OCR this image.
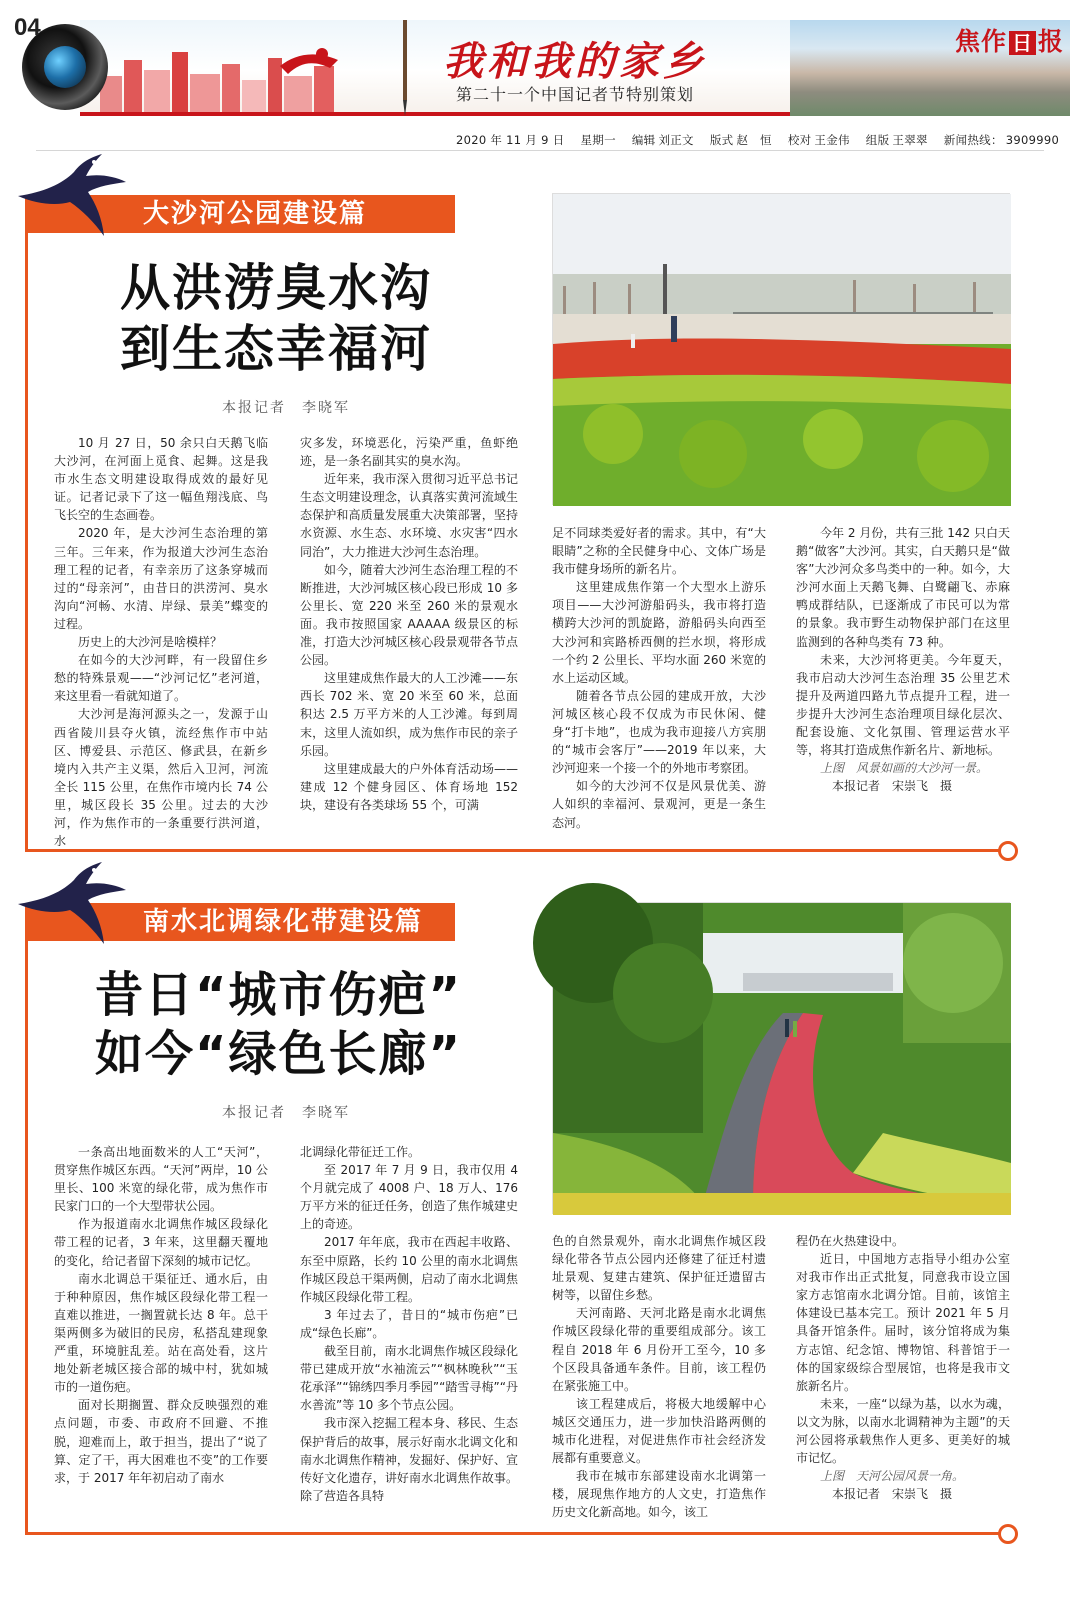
04
我和我的家乡
第二十一个中国记者节特别策划
焦作 日 报
2020 年 11 月 9 日 星期一 编辑 刘正文 版式 赵　恒 校对 王金伟 组版 王翠翠 新闻热线： 3909990
大沙河公园建设篇
从洪涝臭水沟
到生态幸福河
本报记者　李晓军

10 月 27 日，50 余只白天鹅飞临大沙河，在河面上觅食、起舞。这是我市水生态文明建设取得成效的最好见证。记者记录下了这一幅鱼翔浅底、鸟飞长空的生态画卷。

2020 年，是大沙河生态治理的第三年。三年来，作为报道大沙河生态治理工程的记者，有幸亲历了这条穿城而过的“母亲河”，由昔日的洪涝河、臭水沟向“河畅、水清、岸绿、景美”蝶变的过程。

历史上的大沙河是啥模样？

在如今的大沙河畔，有一段留住乡愁的特殊景观——“沙河记忆”老河道，来这里看一看就知道了。

大沙河是海河源头之一，发源于山西省陵川县夺火镇，流经焦作市中站区、博爱县、示范区、修武县，在新乡境内入共产主义渠，然后入卫河，河流全长 115 公里，在焦作市境内长 74 公里，城区段长 35 公里。过去的大沙河，作为焦作市的一条重要行洪河道，水

灾多发，环境恶化，污染严重，鱼虾绝迹，是一条名副其实的臭水沟。

近年来，我市深入贯彻习近平总书记生态文明建设理念，认真落实黄河流域生态保护和高质量发展重大决策部署，坚持水资源、水生态、水环境、水灾害“四水同治”，大力推进大沙河生态治理。

如今，随着大沙河生态治理工程的不断推进，大沙河城区核心段已形成 10 多公里长、宽 220 米至 260 米的景观水面。我市按照国家 AAAAA 级景区的标准，打造大沙河城区核心段景观带各节点公园。

这里建成焦作最大的人工沙滩——东西长 702 米、宽 20 米至 60 米，总面积达 2.5 万平方米的人工沙滩。每到周末，这里人流如织，成为焦作市民的亲子乐园。

这里建成最大的户外体育活动场——建成 12 个健身园区、体育场地 152 块，建设有各类球场 55 个，可满

足不同球类爱好者的需求。其中，有“大眼睛”之称的全民健身中心、文体广场是我市健身场所的新名片。

这里建成焦作第一个大型水上游乐项目——大沙河游船码头，我市将打造横跨大沙河的凯旋路，游船码头向西至大沙河和宾路桥西侧的拦水坝，将形成一个约 2 公里长、平均水面 260 米宽的水上运动区域。

随着各节点公园的建成开放，大沙河城区核心段不仅成为市民休闲、健身“打卡地”，也成为我市迎接八方宾朋的“城市会客厅”——2019 年以来，大沙河迎来一个接一个的外地市考察团。

如今的大沙河不仅是风景优美、游人如织的幸福河、景观河，更是一条生态河。

今年 2 月份，共有三批 142 只白天鹅“做客”大沙河。其实，白天鹅只是“做客”大沙河众多鸟类中的一种。如今，大沙河水面上天鹅飞舞、白鹭翩飞、赤麻鸭成群结队，已逐渐成了市民可以为常的景象。我市野生动物保护部门在这里监测到的各种鸟类有 73 种。

未来，大沙河将更美。今年夏天，我市启动大沙河生态治理 35 公里艺术提升及两道四路九节点提升工程，进一步提升大沙河生态治理项目绿化层次、配套设施、文化氛围、管理运营水平等，将其打造成焦作新名片、新地标。

上图　风景如画的大沙河一景。

本报记者　宋崇飞　摄

南水北调绿化带建设篇
昔日“城市伤疤”
如今“绿色长廊”
本报记者　李晓军

一条高出地面数米的人工“天河”，贯穿焦作城区东西。“天河”两岸，10 公里长、100 米宽的绿化带，成为焦作市民家门口的一个大型带状公园。

作为报道南水北调焦作城区段绿化带工程的记者，3 年来，这里翻天覆地的变化，给记者留下深刻的城市记忆。

南水北调总干渠征迁、通水后，由于种种原因，焦作城区段绿化带工程一直难以推进，一搁置就长达 8 年。总干渠两侧多为破旧的民房，私搭乱建现象严重，环境脏乱差。站在高处看，这片地处新老城区接合部的城中村，犹如城市的一道伤疤。

面对长期搁置、群众反映强烈的难点问题，市委、市政府不回避、不推脱，迎难而上，敢于担当，提出了“说了算、定了干，再大困难也不变”的工作要求，于 2017 年年初启动了南水

北调绿化带征迁工作。

至 2017 年 7 月 9 日，我市仅用 4 个月就完成了 4008 户、18 万人、176 万平方米的征迁任务，创造了焦作城建史上的奇迹。

2017 年年底，我市在西起丰收路、东至中原路，长约 10 公里的南水北调焦作城区段总干渠两侧，启动了南水北调焦作城区段绿化带工程。

3 年过去了，昔日的“城市伤疤”已成“绿色长廊”。

截至目前，南水北调焦作城区段绿化带已建成开放“水袖流云”“枫林晚秋”“玉花承泽”“锦绣四季月季园”“踏雪寻梅”“丹水善流”等 10 多个节点公园。

我市深入挖掘工程本身、移民、生态保护背后的故事，展示好南水北调文化和南水北调焦作精神，发掘好、保护好、宣传好文化遗存，讲好南水北调焦作故事。除了营造各具特

色的自然景观外，南水北调焦作城区段绿化带各节点公园内还修建了征迁村遗址景观、复建古建筑、保护征迁遗留古树等，以留住乡愁。

天河南路、天河北路是南水北调焦作城区段绿化带的重要组成部分。该工程自 2018 年 6 月份开工至今，10 多个区段具备通车条件。目前，该工程仍在紧张施工中。

该工程建成后，将极大地缓解中心城区交通压力，进一步加快沿路两侧的城市化进程，对促进焦作市社会经济发展都有重要意义。

我市在城市东部建设南水北调第一楼，展现焦作地方的人文史，打造焦作历史文化新高地。如今，该工

程仍在火热建设中。

近日，中国地方志指导小组办公室对我市作出正式批复，同意我市设立国家方志馆南水北调分馆。目前，该馆主体建设已基本完工。预计 2021 年 5 月具备开馆条件。届时，该分馆将成为集方志馆、纪念馆、博物馆、科普馆于一体的国家级综合型展馆，也将是我市文旅新名片。

未来，一座“以绿为基，以水为魂，以文为脉，以南水北调精神为主题”的天河公园将承载焦作人更多、更美好的城市记忆。

上图　天河公园风景一角。

本报记者　宋崇飞　摄
